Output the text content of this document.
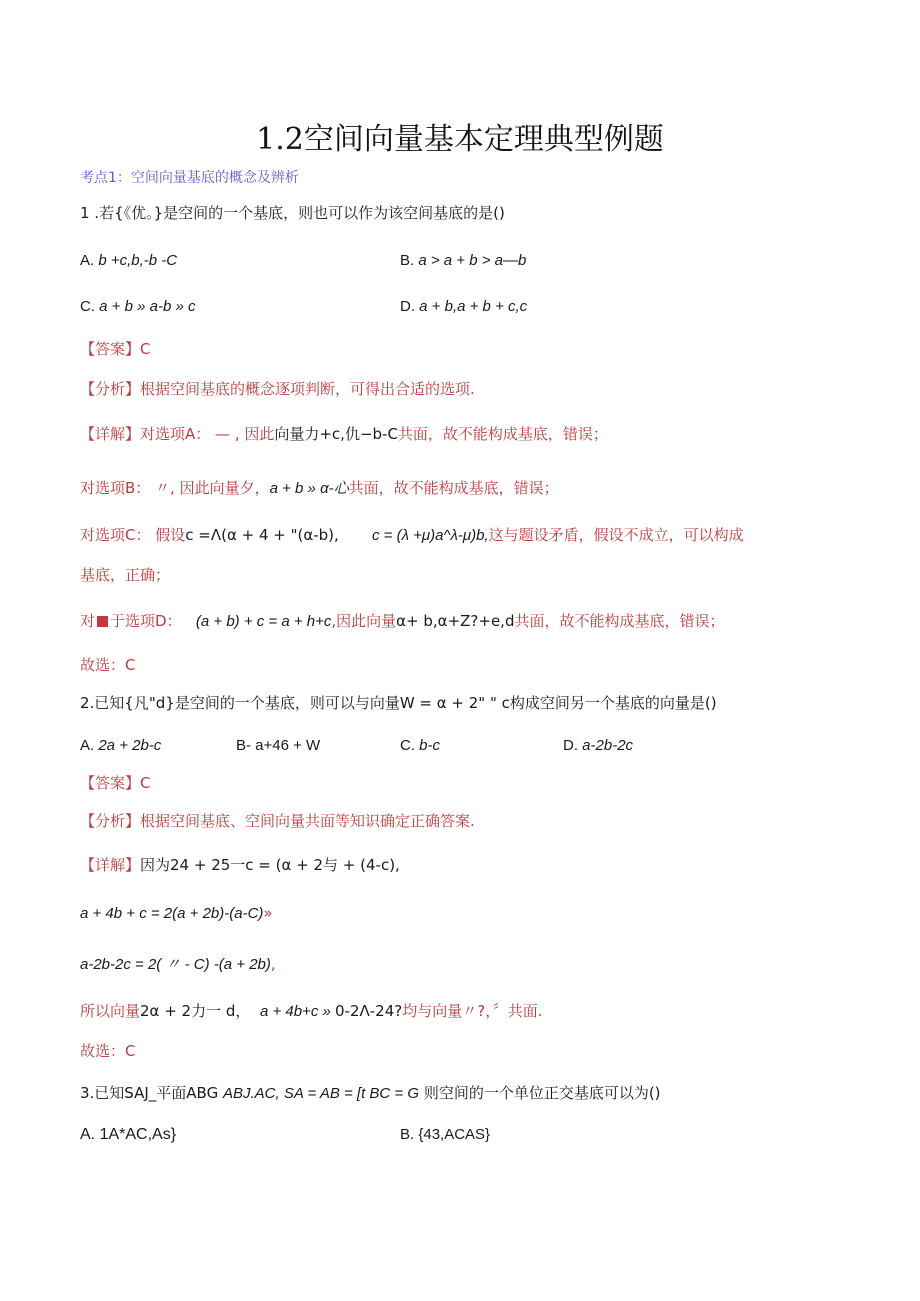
1.2空间向量基本定理典型例题
考点1：空间向量基底的概念及辨析
1 .若{《优。}是空间的一个基底，则也可以作为该空间基底的是()
A. b +c,b,-b -C	B. a > a + b > a—b
C. a + b » a-b » c	D. a + b,a + b + c,c
【答案】C
【分析】根据空间基底的概念逐项判断，可得出合适的选项.
【详解】对选项A： — , 因此向量力+c,仇−b-C共面，故不能构成基底，错误；
对选项B： 〃, 因此向量夕，a + b » α-心共面，故不能构成基底，错误；
对选项C： 假设c =Λ(α + 4 + "(α-b), c = (λ +μ)a^λ-μ)b,这与题设矛盾，假设不成立，可以构成
基底，正确；
对 于选项D： (a + b) + c = a + h+c,因此向量α+ b,α+Z?+e,d共面，故不能构成基底，错误；
故选：C
2.已知{凡"d}是空间的一个基底，则可以与向量W = α + 2" " c构成空间另一个基底的向量是()
A. 2a + 2b-c	B- a+46 + W	C. b-c	D. a-2b-2c
【答案】C
【分析】根据空间基底、空间向量共面等知识确定正确答案.
【详解】因为24 + 25一c = (α + 2与 + (4-c),
a + 4b + c = 2(a + 2b)-(a-C)»
a-2b-2c = 2( 〃 - C) -(a + 2b),
所以向量2α + 2力一 d， a + 4b+c » 0-2Λ-24?均与向量〃?，〞共面.
故选：C
3.已知SAJ_平面ABG ABJ.AC, SA = AB = [t BC = G 则空间的一个单位正交基底可以为()
A. 1A*AC,As}	B. {43,ACAS}
